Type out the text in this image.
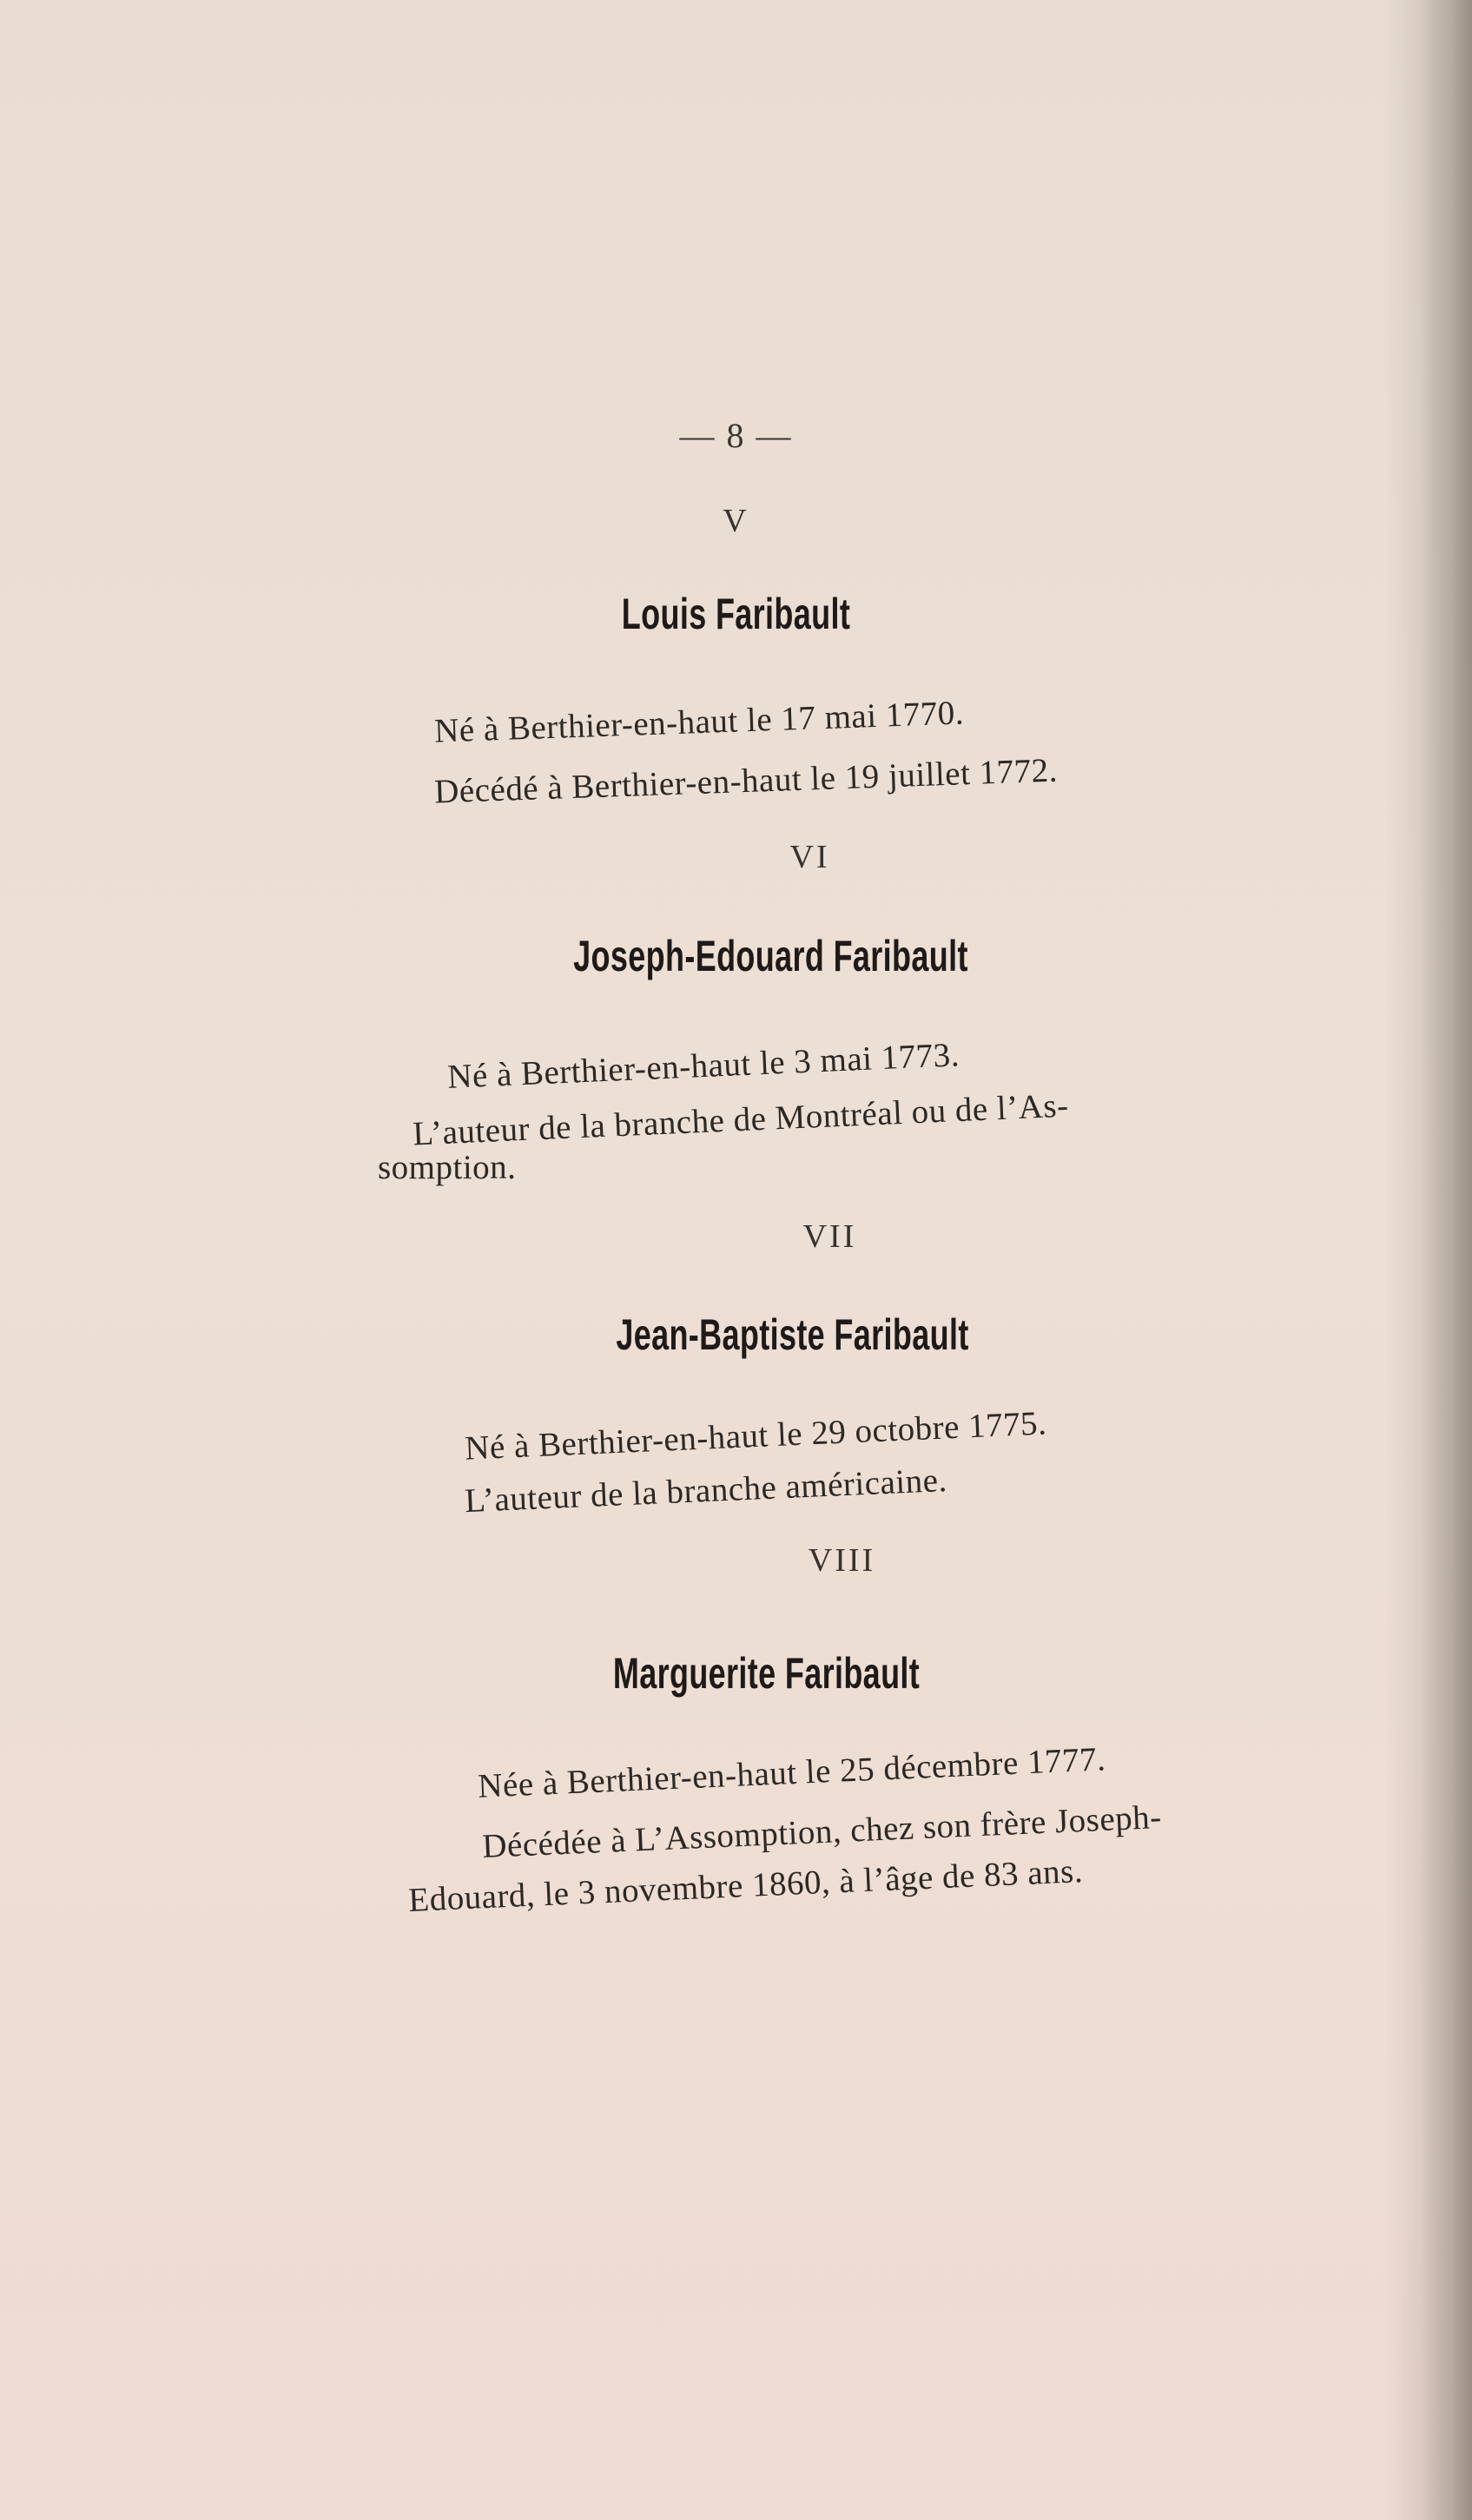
— 8 —
V
Louis Faribault
Né à Berthier-en-haut le 17 mai 1770.
Décédé à Berthier-en-haut le 19 juillet 1772.
VI
Joseph-Edouard Faribault
Né à Berthier-en-haut le 3 mai 1773.
L’auteur de la branche de Montréal ou de l’As-
somption.
VII
Jean-Baptiste Faribault
Né à Berthier-en-haut le 29 octobre 1775.
L’auteur de la branche américaine.
VIII
Marguerite Faribault
Née à Berthier-en-haut le 25 décembre 1777.
Décédée à L’Assomption, chez son frère Joseph-
Edouard, le 3 novembre 1860, à l’âge de 83 ans.
